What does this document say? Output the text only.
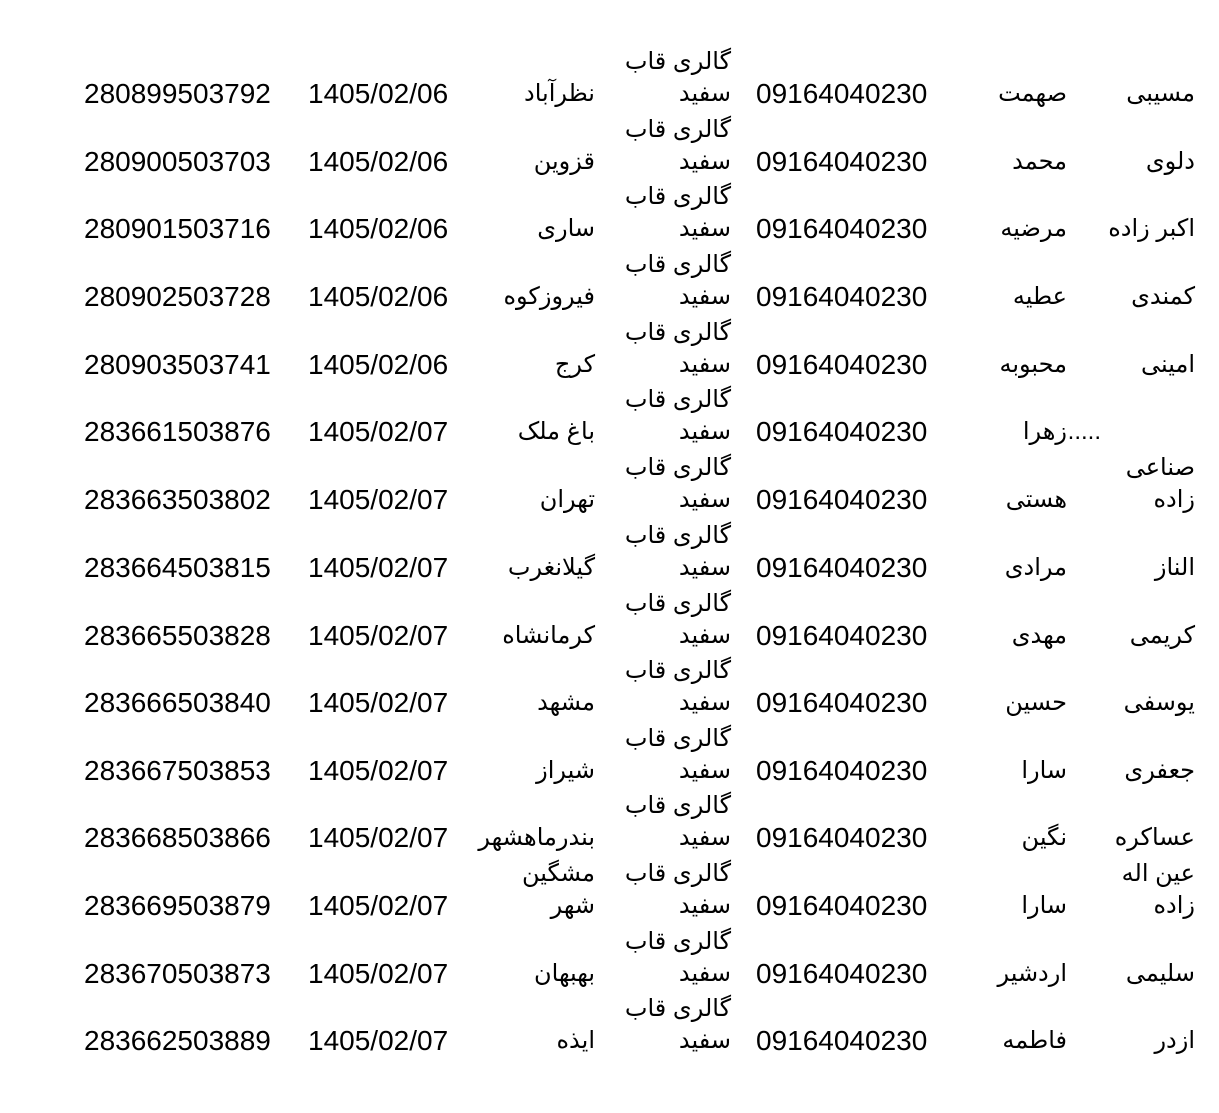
مسیبی
صهمت
09164040230
گالری قاب
سفید
نظرآباد
1405/02/06
280899503792
دلوی
محمد
09164040230
گالری قاب
سفید
قزوین
1405/02/06
280900503703
اکبر زاده
مرضیه
09164040230
گالری قاب
سفید
ساری
1405/02/06
280901503716
کمندی
عطیه
09164040230
گالری قاب
سفید
فیروزکوه
1405/02/06
280902503728
امینی
محبوبه
09164040230
گالری قاب
سفید
کرج
1405/02/06
280903503741
.....
زهرا
09164040230
گالری قاب
سفید
باغ ملک
1405/02/07
283661503876
صناعی
زاده
هستی
09164040230
گالری قاب
سفید
تهران
1405/02/07
283663503802
الناز
مرادی
09164040230
گالری قاب
سفید
گیلانغرب
1405/02/07
283664503815
کریمی
مهدی
09164040230
گالری قاب
سفید
کرمانشاه
1405/02/07
283665503828
یوسفی
حسین
09164040230
گالری قاب
سفید
مشهد
1405/02/07
283666503840
جعفری
سارا
09164040230
گالری قاب
سفید
شیراز
1405/02/07
283667503853
عساکره
نگین
09164040230
گالری قاب
سفید
بندرماهشهر
1405/02/07
283668503866
عین اله
زاده
سارا
09164040230
گالری قاب
سفید
مشگین
شهر
1405/02/07
283669503879
سلیمی
اردشیر
09164040230
گالری قاب
سفید
بهبهان
1405/02/07
283670503873
ازدر
فاطمه
09164040230
گالری قاب
سفید
ایذه
1405/02/07
283662503889
